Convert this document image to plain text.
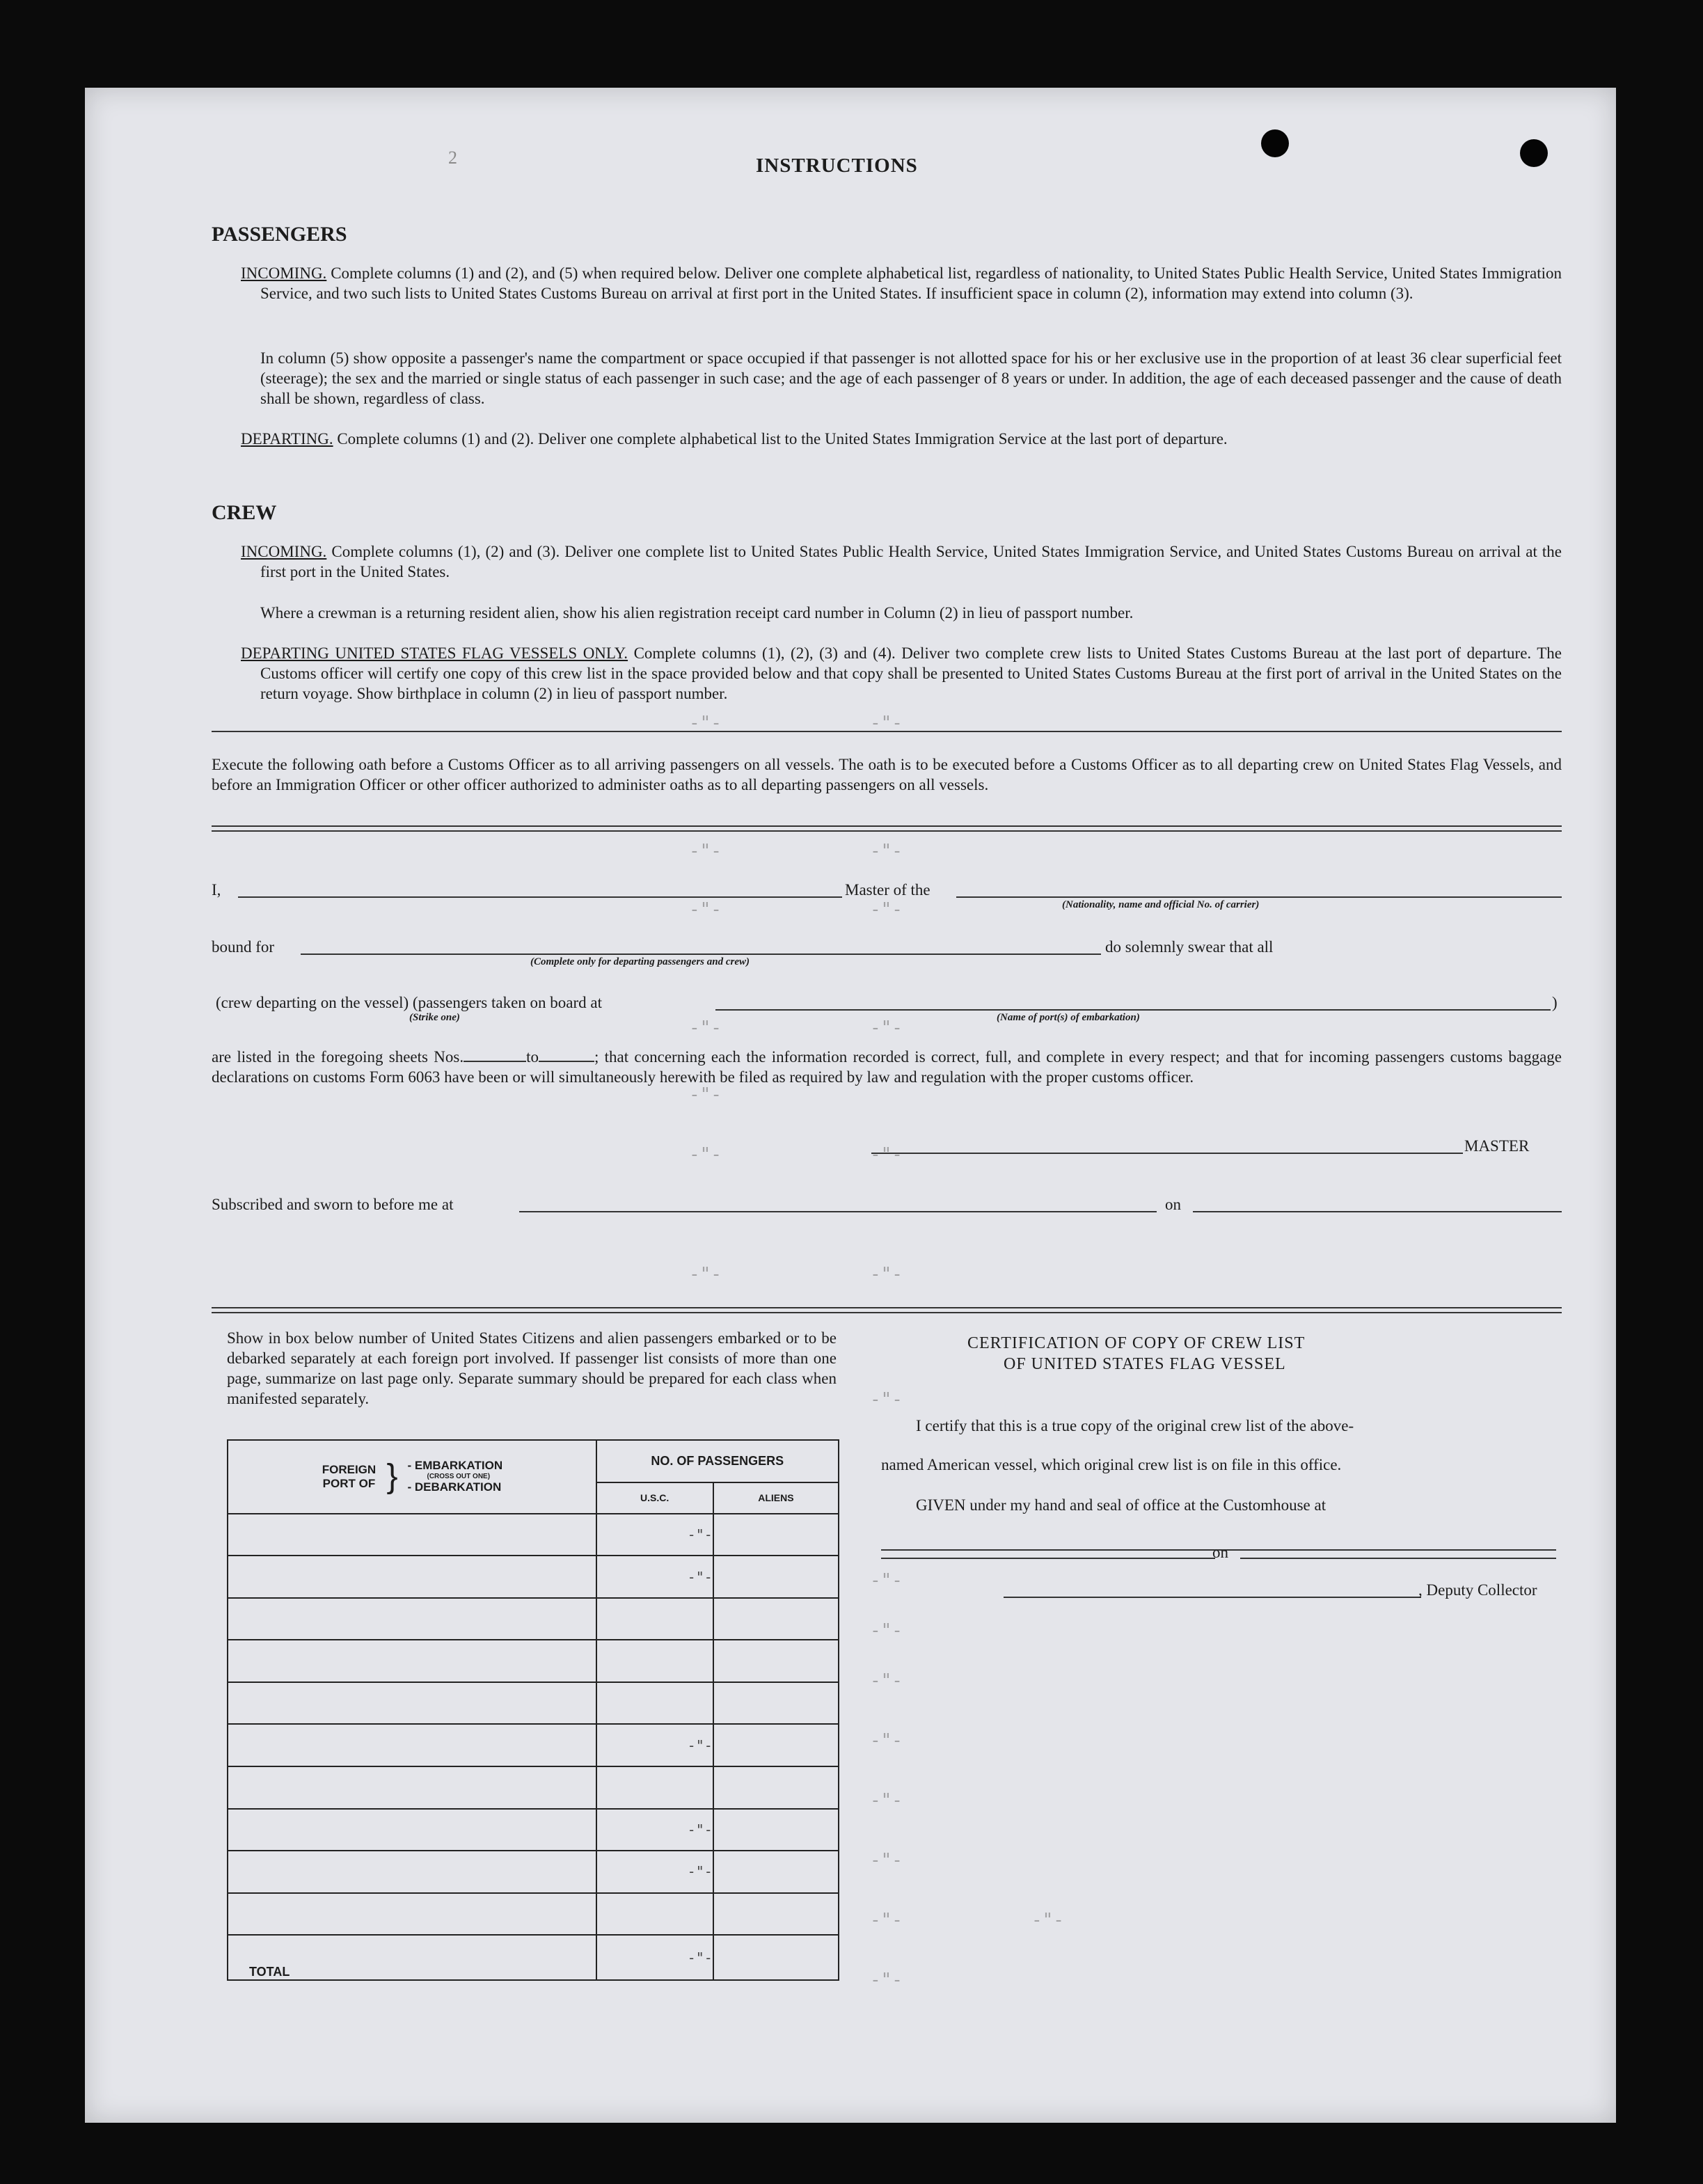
2	INSTRUCTIONS
PASSENGERS
INCOMING. Complete columns (1) and (2), and (5) when required below. Deliver one complete alphabetical list, regardless of nationality, to United States Public Health Service, United States Immigration Service, and two such lists to United States Customs Bureau on arrival at first port in the United States. If insufficient space in column (2), information may extend into column (3).
In column (5) show opposite a passenger's name the compartment or space occupied if that passenger is not allotted space for his or her exclusive use in the proportion of at least 36 clear superficial feet (steerage); the sex and the married or single status of each passenger in such case; and the age of each passenger of 8 years or under. In addition, the age of each deceased passenger and the cause of death shall be shown, regardless of class.
DEPARTING. Complete columns (1) and (2). Deliver one complete alphabetical list to the United States Immigration Service at the last port of departure.
CREW
INCOMING. Complete columns (1), (2) and (3). Deliver one complete list to United States Public Health Service, United States Immigration Service, and United States Customs Bureau on arrival at the first port in the United States.
Where a crewman is a returning resident alien, show his alien registration receipt card number in Column (2) in lieu of passport number.
DEPARTING UNITED STATES FLAG VESSELS ONLY. Complete columns (1), (2), (3) and (4). Deliver two complete crew lists to United States Customs Bureau at the last port of departure. The Customs officer will certify one copy of this crew list in the space provided below and that copy shall be presented to United States Customs Bureau at the first port of arrival in the United States on the return voyage. Show birthplace in column (2) in lieu of passport number.
Execute the following oath before a Customs Officer as to all arriving passengers on all vessels. The oath is to be executed before a Customs Officer as to all departing crew on United States Flag Vessels, and before an Immigration Officer or other officer authorized to administer oaths as to all departing passengers on all vessels.
I,	Master of the
(Nationality, name and official No. of carrier)
bound for
(Complete only for departing passengers and crew)
do solemnly swear that all
(crew departing on the vessel) (passengers taken on board at
(Strike one)	(Name of port(s) of embarkation)
)
are listed in the foregoing sheets Nos.	to	; that concerning each the information recorded is correct, full, and complete in every respect; and that for incoming passengers customs baggage declarations on customs Form 6063 have been or will simultaneously herewith be filed as required by law and regulation with the proper customs officer.
MASTER
Subscribed and sworn to before me at	on
Show in box below number of United States Citizens and alien passengers embarked or to be debarked separately at each foreign port involved. If passenger list consists of more than one page, summarize on last page only. Separate summary should be prepared for each class when manifested separately.
FOREIGN PORT OF } - EMBARKATION
(CROSS OUT ONE)
- DEBARKATION	NO. OF PASSENGERS	
	U.S.C.	ALIENS
	-"-	
	-"-	

	-"-	

	-"-	
	-"-	

TOTAL	-"-	
CERTIFICATION OF COPY OF CREW LIST
OF UNITED STATES FLAG VESSEL
I certify that this is a true copy of the original crew list of the above-
named American vessel, which original crew list is on file in this office.
GIVEN under my hand and seal of office at the Customhouse at
on
, Deputy Collector
-"-	-"-
-"-	-"-
-"-	-"-
-"-	-"-
-"-
-"-	-"-
-"-	-"-
-"-
-"-
-"-
-"-
-"-
-"-
-"-
-"-
-"-
-"-
